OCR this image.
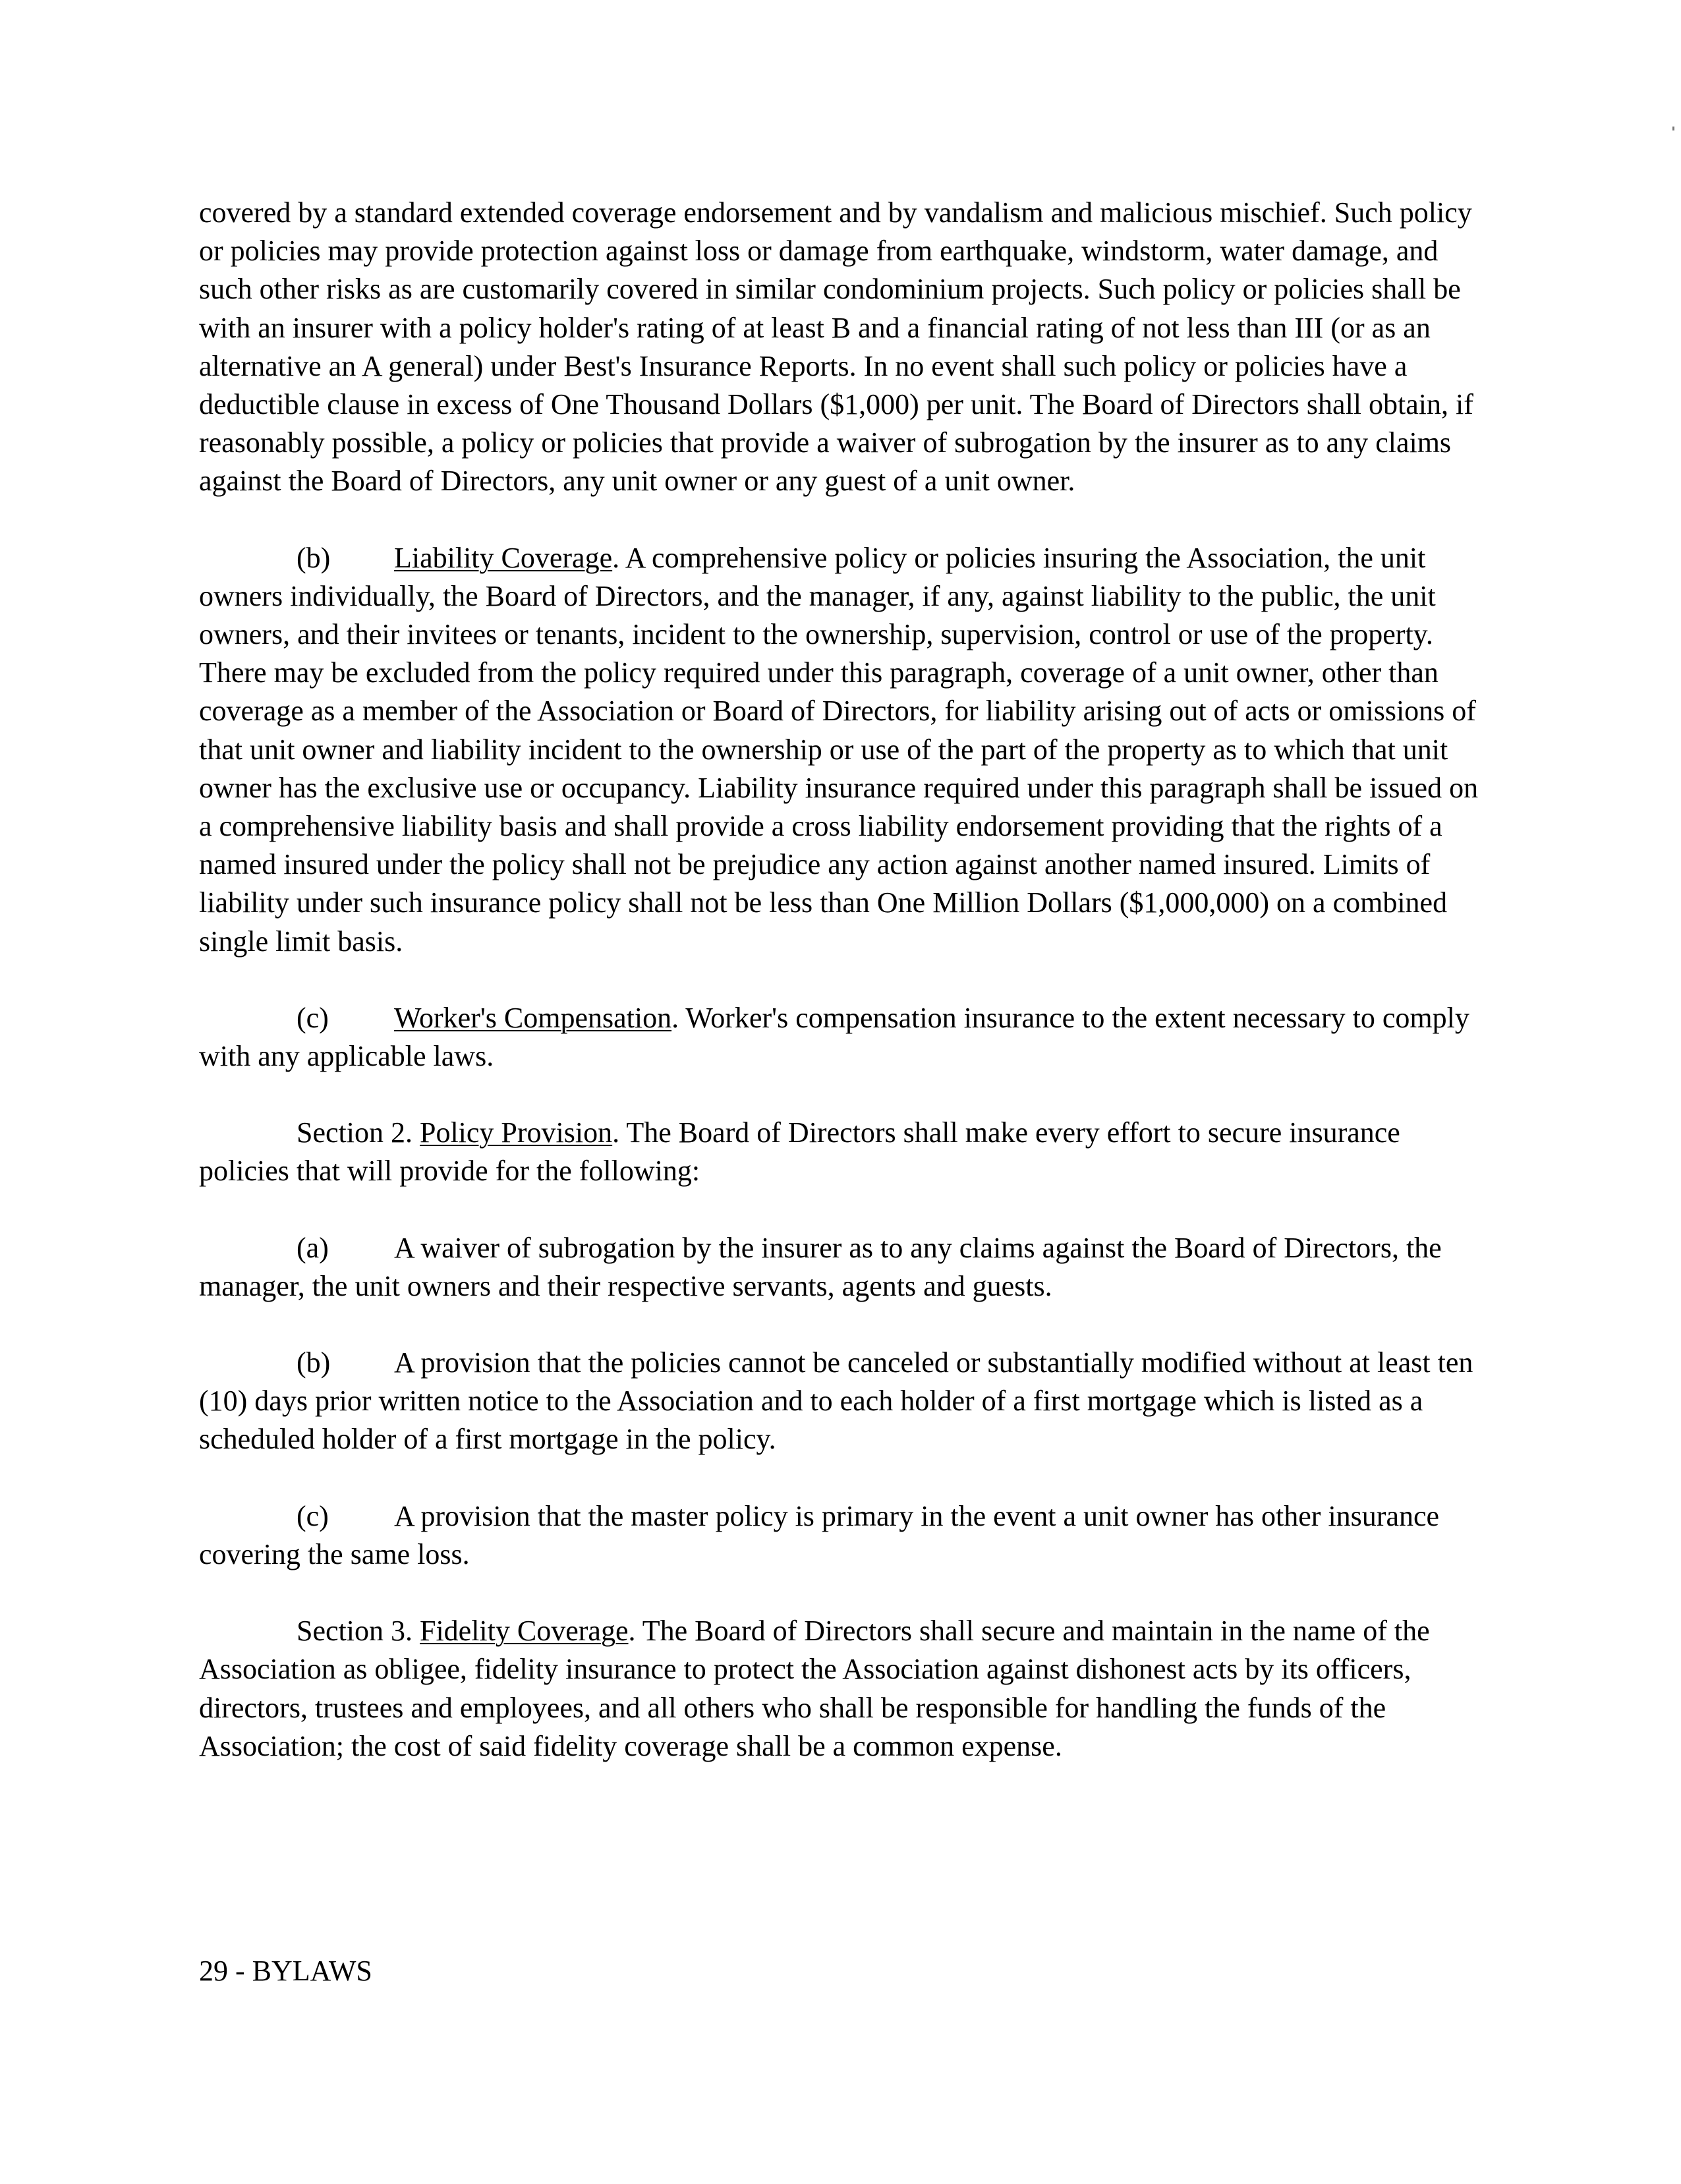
covered by a standard extended coverage endorsement and by vandalism and malicious mischief. Such policy or policies may provide protection against loss or damage from earthquake, windstorm, water damage, and such other risks as are customarily covered in similar condominium projects. Such policy or policies shall be with an insurer with a policy holder's rating of at least B and a financial rating of not less than III (or as an alternative an A general) under Best's Insurance Reports. In no event shall such policy or policies have a deductible clause in excess of One Thousand Dollars ($1,000) per unit. The Board of Directors shall obtain, if reasonably possible, a policy or policies that provide a waiver of subrogation by the insurer as to any claims against the Board of Directors, any unit owner or any guest of a unit owner.

(b) Liability Coverage. A comprehensive policy or policies insuring the Association, the unit owners individually, the Board of Directors, and the manager, if any, against liability to the public, the unit owners, and their invitees or tenants, incident to the ownership, supervision, control or use of the property. There may be excluded from the policy required under this paragraph, coverage of a unit owner, other than coverage as a member of the Association or Board of Directors, for liability arising out of acts or omissions of that unit owner and liability incident to the ownership or use of the part of the property as to which that unit owner has the exclusive use or occupancy. Liability insurance required under this paragraph shall be issued on a comprehensive liability basis and shall provide a cross liability endorsement providing that the rights of a named insured under the policy shall not be prejudice any action against another named insured. Limits of liability under such insurance policy shall not be less than One Million Dollars ($1,000,000) on a combined single limit basis.

(c) Worker's Compensation. Worker's compensation insurance to the extent necessary to comply with any applicable laws.

Section 2. Policy Provision. The Board of Directors shall make every effort to secure insurance policies that will provide for the following:

(a) A waiver of subrogation by the insurer as to any claims against the Board of Directors, the manager, the unit owners and their respective servants, agents and guests.

(b) A provision that the policies cannot be canceled or substantially modified without at least ten (10) days prior written notice to the Association and to each holder of a first mortgage which is listed as a scheduled holder of a first mortgage in the policy.

(c) A provision that the master policy is primary in the event a unit owner has other insurance covering the same loss.

Section 3. Fidelity Coverage. The Board of Directors shall secure and maintain in the name of the Association as obligee, fidelity insurance to protect the Association against dishonest acts by its officers, directors, trustees and employees, and all others who shall be responsible for handling the funds of the Association; the cost of said fidelity coverage shall be a common expense.

29 - BYLAWS
